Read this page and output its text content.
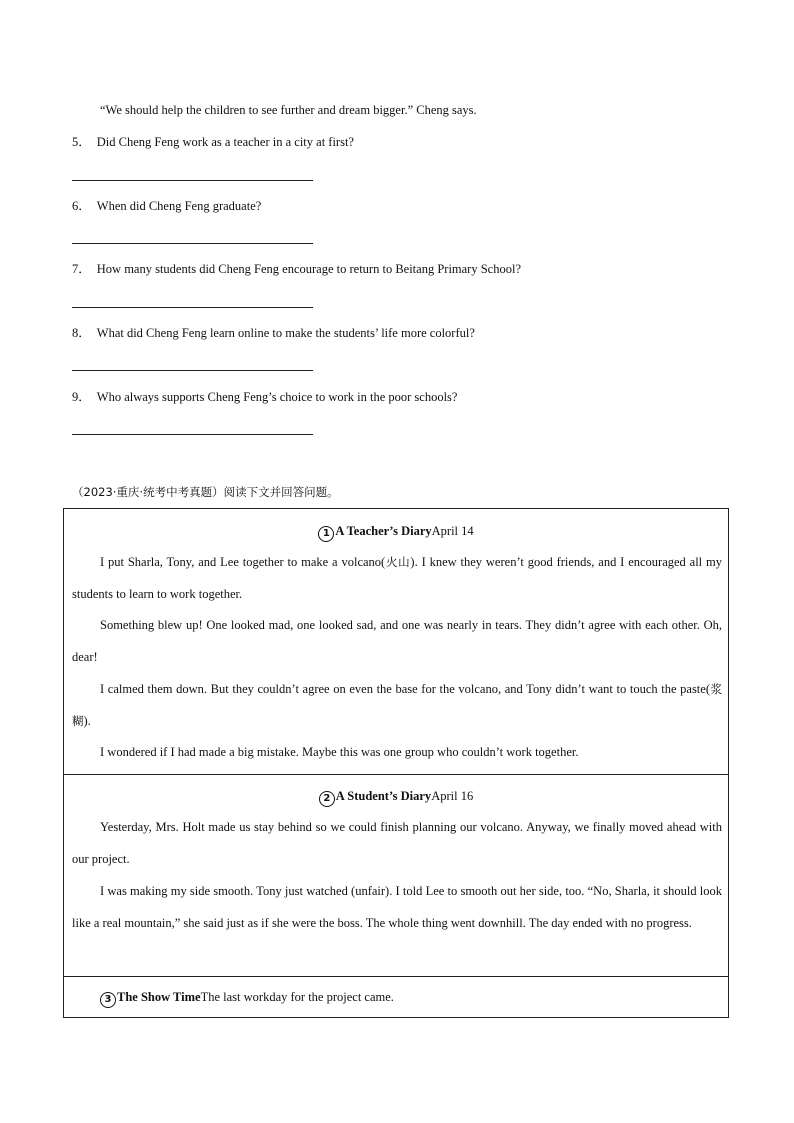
“We should help the children to see further and dream bigger.” Cheng says.
5． Did Cheng Feng work as a teacher in a city at first?
6． When did Cheng Feng graduate?
7． How many students did Cheng Feng encourage to return to Beitang Primary School?
8． What did Cheng Feng learn online to make the students’ life more colorful?
9． Who always supports Cheng Feng’s choice to work in the poor schools?
（2023·重庆·统考中考真题）阅读下文并回答问题。
1 A Teacher’s DiaryApril 14
I put Sharla, Tony, and Lee together to make a volcano(火山). I knew they weren’t good friends, and I encouraged all my students to learn to work together.
Something blew up! One looked mad, one looked sad, and one was nearly in tears. They didn’t agree with each other. Oh, dear!
I calmed them down. But they couldn’t agree on even the base for the volcano, and Tony didn’t want to touch the paste(浆糊).
I wondered if I had made a big mistake. Maybe this was one group who couldn’t work together.
2 A Student’s DiaryApril 16
Yesterday, Mrs. Holt made us stay behind so we could finish planning our volcano. Anyway, we finally moved ahead with our project.
I was making my side smooth. Tony just watched (unfair). I told Lee to smooth out her side, too. “No, Sharla, it should look like a real mountain,” she said just as if she were the boss. The whole thing went downhill. The day ended with no progress.
3 The Show TimeThe last workday for the project came.
